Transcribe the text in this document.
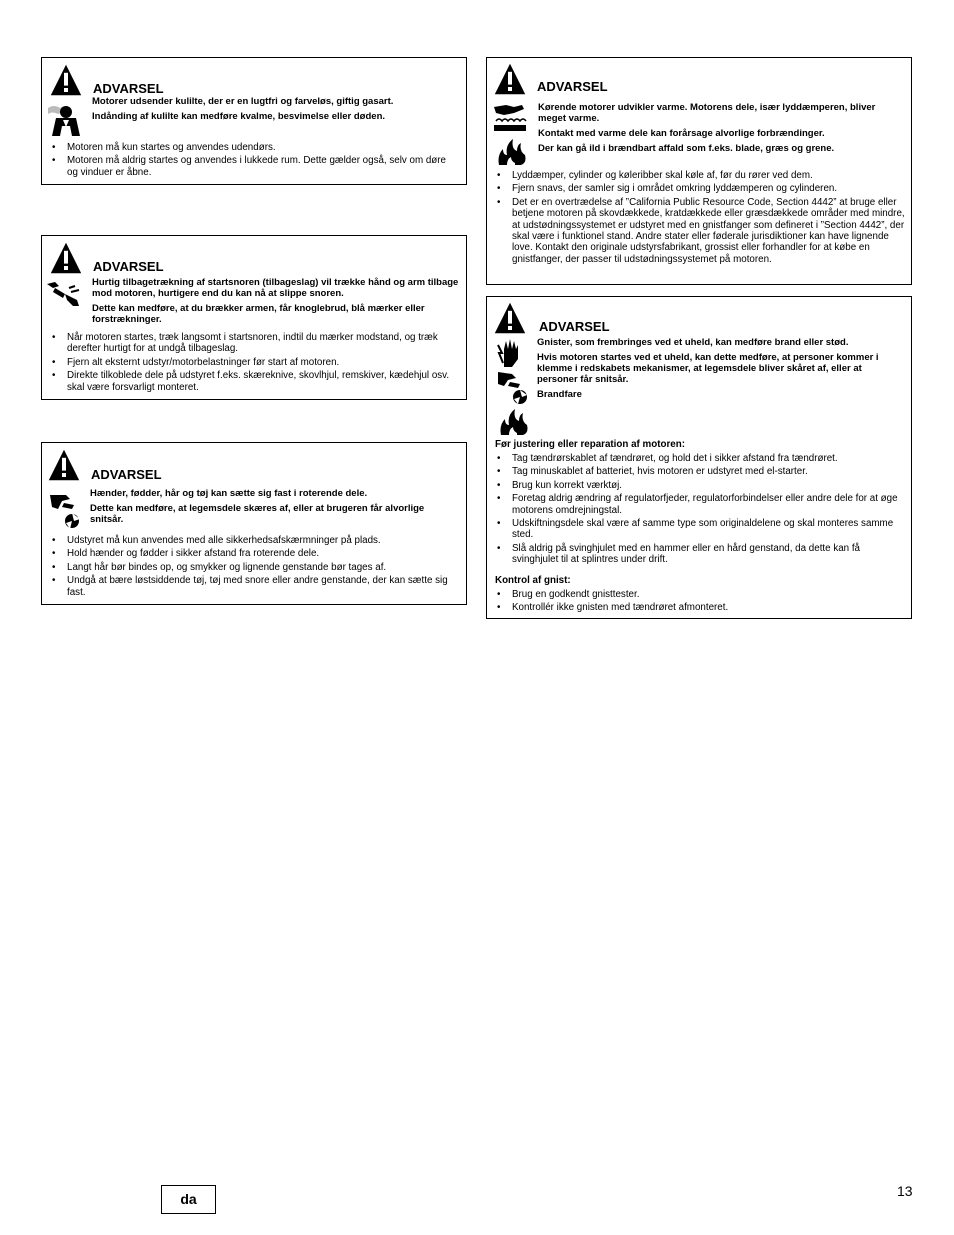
ADVARSEL

Motorer udsender kulilte, der er en lugtfri og farveløs, giftig gasart.

Indånding af kulilte kan medføre kvalme, besvimelse eller døden.

• Motoren må kun startes og anvendes udendørs.
• Motoren må aldrig startes og anvendes i lukkede rum. Dette gælder også, selv om døre og vinduer er åbne.
ADVARSEL

Hurtig tilbagetrækning af startsnoren (tilbageslag) vil trække hånd og arm tilbage mod motoren, hurtigere end du kan nå at slippe snoren.

Dette kan medføre, at du brækker armen, får knoglebrud, blå mærker eller forstrækninger.

• Når motoren startes, træk langsomt i startsnoren, indtil du mærker modstand, og træk derefter hurtigt for at undgå tilbageslag.
• Fjern alt eksternt udstyr/motorbelastninger før start af motoren.
• Direkte tilkoblede dele på udstyret f.eks. skæreknive, skovlhjul, remskiver, kædehjul osv. skal være forsvarligt monteret.
ADVARSEL

Hænder, fødder, hår og tøj kan sætte sig fast i roterende dele.

Dette kan medføre, at legemsdele skæres af, eller at brugeren får alvorlige snitsår.

• Udstyret må kun anvendes med alle sikkerhedsafskærmninger på plads.
• Hold hænder og fødder i sikker afstand fra roterende dele.
• Langt hår bør bindes op, og smykker og lignende genstande bør tages af.
• Undgå at bære løstsiddende tøj, tøj med snore eller andre genstande, der kan sætte sig fast.
ADVARSEL

Kørende motorer udvikler varme. Motorens dele, især lyddæmperen, bliver meget varme.

Kontakt med varme dele kan forårsage alvorlige forbrændinger.

Der kan gå ild i brændbart affald som f.eks. blade, græs og grene.

• Lyddæmper, cylinder og køleribber skal køle af, før du rører ved dem.
• Fjern snavs, der samler sig i området omkring lyddæmperen og cylinderen.
• Det er en overtrædelse af ”California Public Resource Code, Section 4442” at bruge eller betjene motoren på skovdækkede, kratdækkede eller græsdækkede områder med mindre, at udstødningssystemet er udstyret med en gnistfanger som defineret i ”Section 4442”, der skal være i funktionel stand. Andre stater eller føderale jurisdiktioner kan have lignende love. Kontakt den originale udstyrsfabrikant, grossist eller forhandler for at købe en gnistfanger, der passer til udstødningssystemet på motoren.
ADVARSEL

Gnister, som frembringes ved et uheld, kan medføre brand eller stød.

Hvis motoren startes ved et uheld, kan dette medføre, at personer kommer i klemme i redskabets mekanismer, at legemsdele bliver skåret af, eller at personer får snitsår.

Brandfare

Før justering eller reparation af motoren:
• Tag tændrørskablet af tændrøret, og hold det i sikker afstand fra tændrøret.
• Tag minuskablet af batteriet, hvis motoren er udstyret med el-starter.
• Brug kun korrekt værktøj.
• Foretag aldrig ændring af regulatorfjeder, regulatorforbindelser eller andre dele for at øge motorens omdrejningstal.
• Udskiftningsdele skal være af samme type som originaldelene og skal monteres samme sted.
• Slå aldrig på svinghjulet med en hammer eller en hård genstand, da dette kan få svinghjulet til at splintres under drift.
Kontrol af gnist:
• Brug en godkendt gnisttester.
• Kontrollér ikke gnisten med tændrøret afmonteret.
da	13
